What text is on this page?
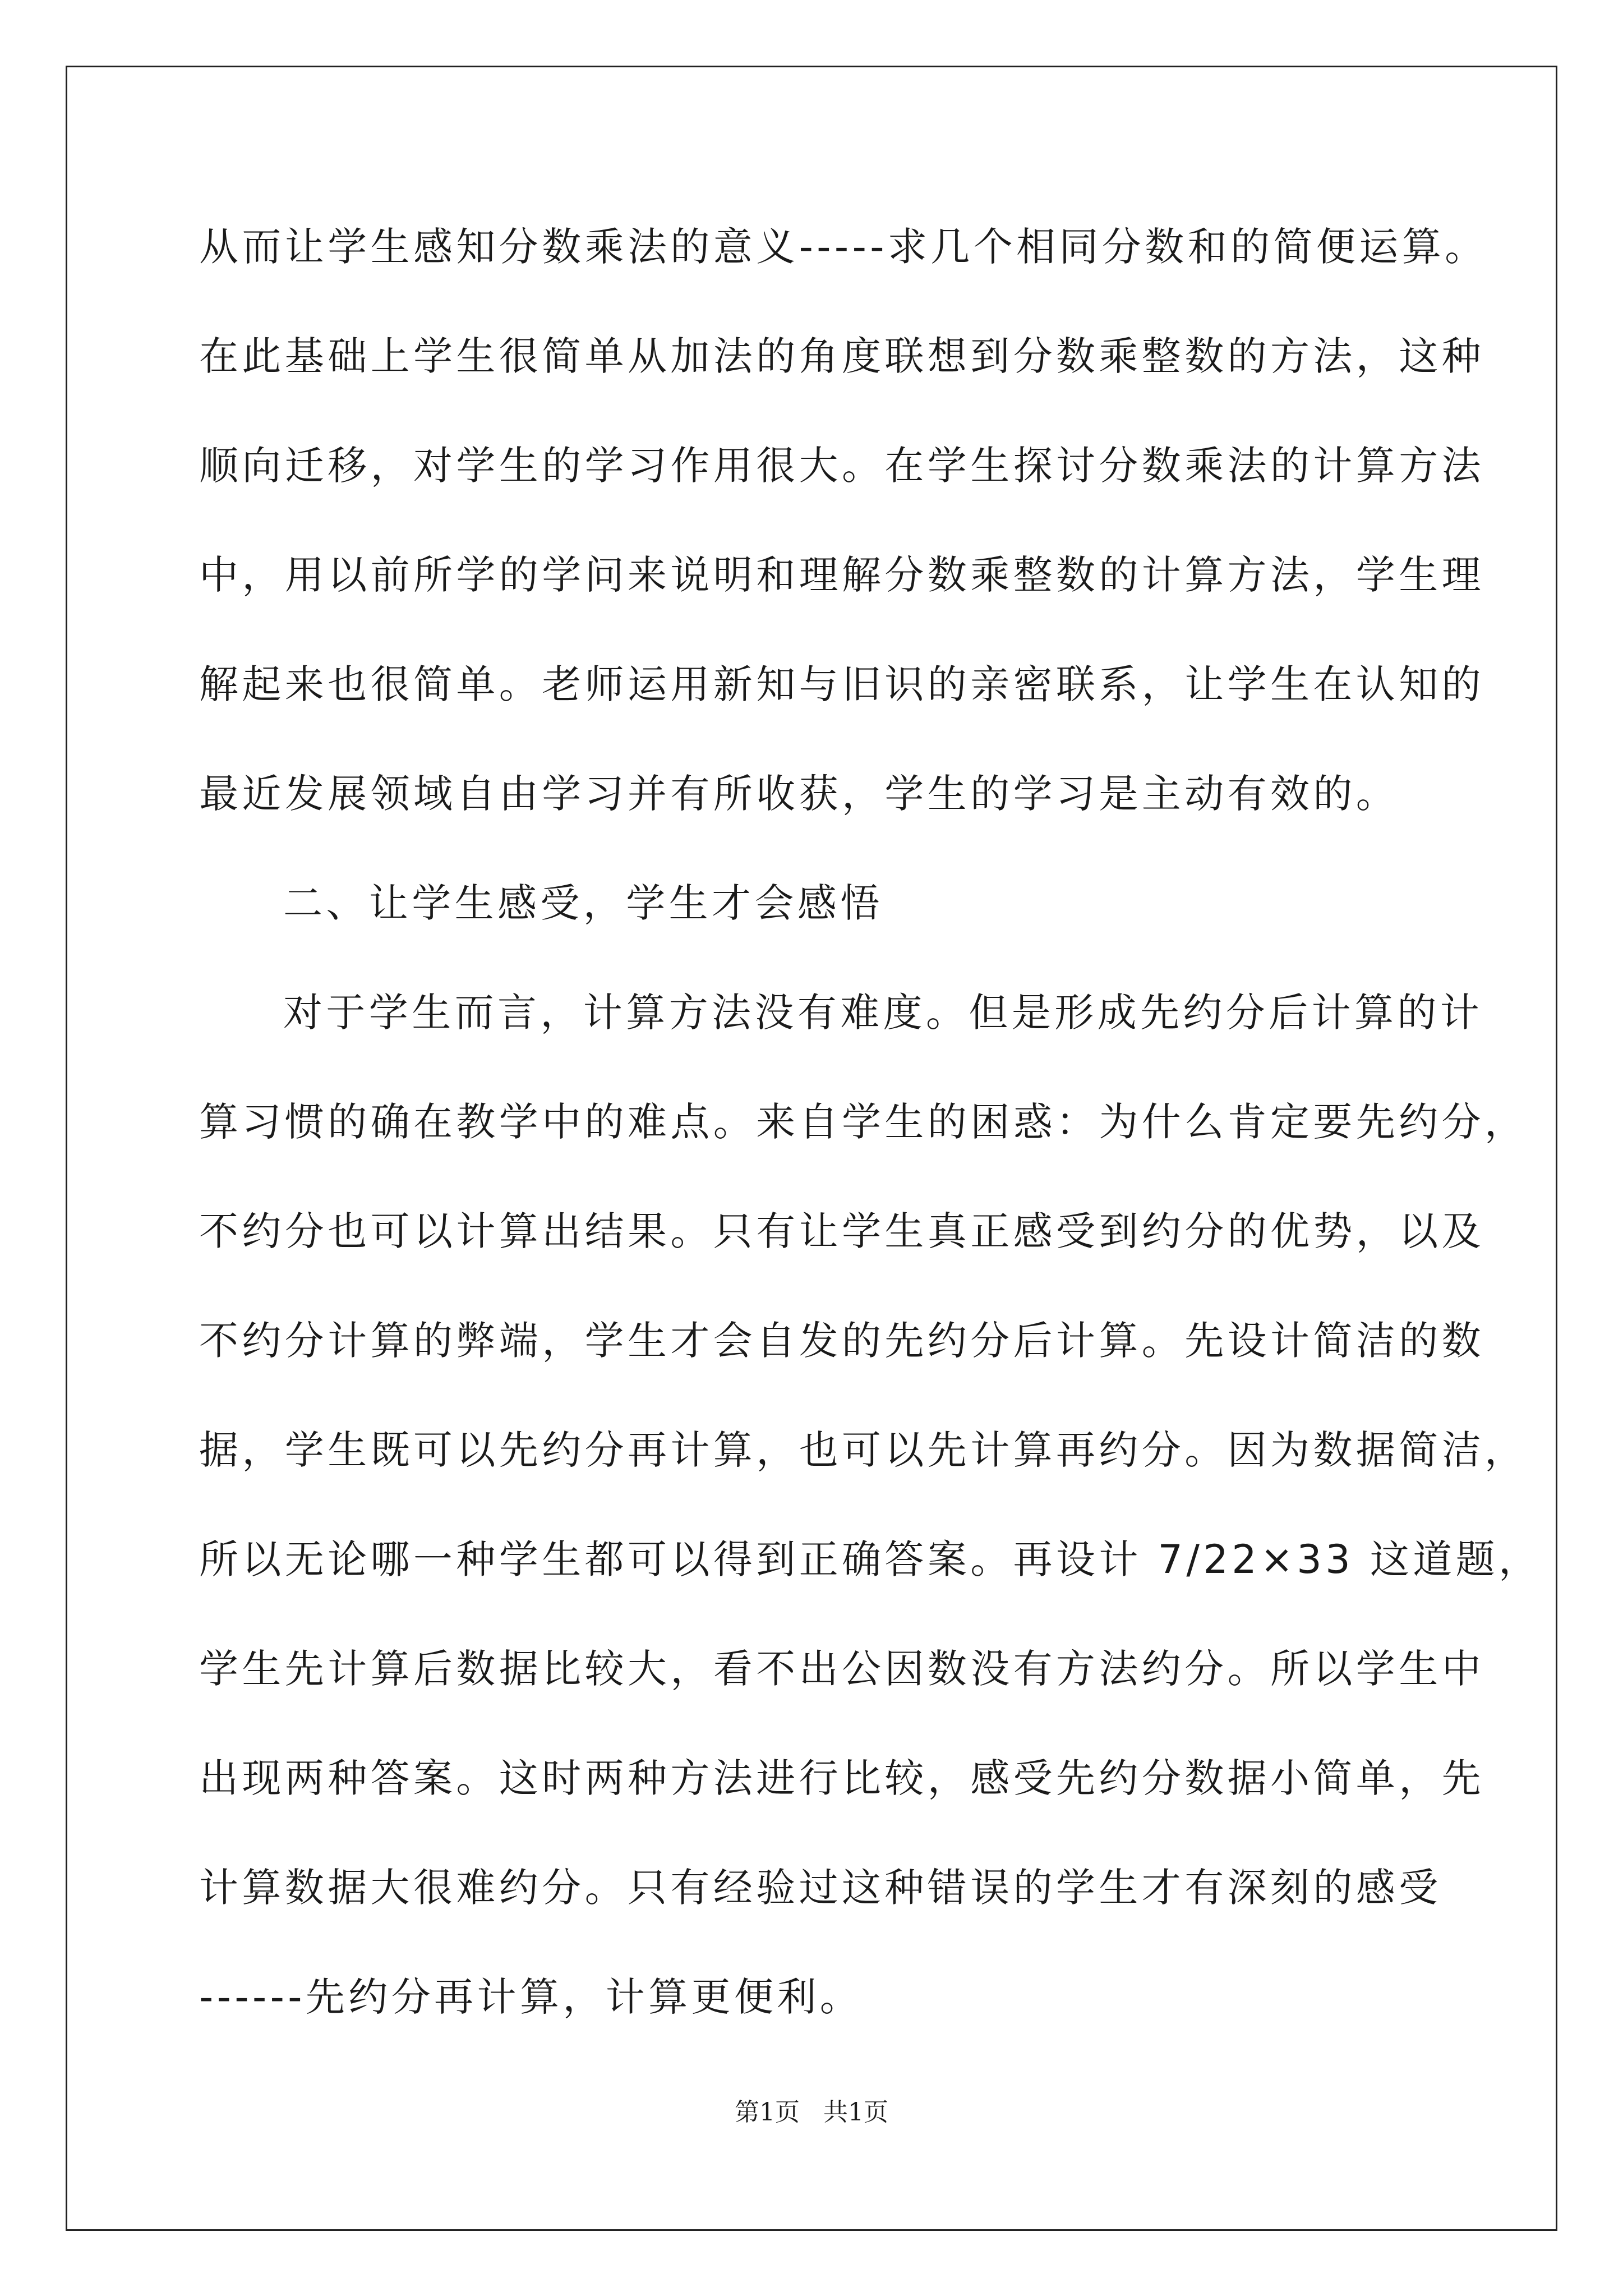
从而让学生感知分数乘法的意义-----求几个相同分数和的简便运算。
在此基础上学生很简单从加法的角度联想到分数乘整数的方法，这种
顺向迁移，对学生的学习作用很大。在学生探讨分数乘法的计算方法
中，用以前所学的学问来说明和理解分数乘整数的计算方法，学生理
解起来也很简单。老师运用新知与旧识的亲密联系，让学生在认知的
最近发展领域自由学习并有所收获，学生的学习是主动有效的。
二、让学生感受，学生才会感悟
对于学生而言，计算方法没有难度。但是形成先约分后计算的计
算习惯的确在教学中的难点。来自学生的困惑：为什么肯定要先约分，
不约分也可以计算出结果。只有让学生真正感受到约分的优势，以及
不约分计算的弊端，学生才会自发的先约分后计算。先设计简洁的数
据，学生既可以先约分再计算，也可以先计算再约分。因为数据简洁，
所以无论哪一种学生都可以得到正确答案。再设计 7/22×33 这道题，
学生先计算后数据比较大，看不出公因数没有方法约分。所以学生中
出现两种答案。这时两种方法进行比较，感受先约分数据小简单，先
计算数据大很难约分。只有经验过这种错误的学生才有深刻的感受
------先约分再计算，计算更便利。
第1页   共1页
